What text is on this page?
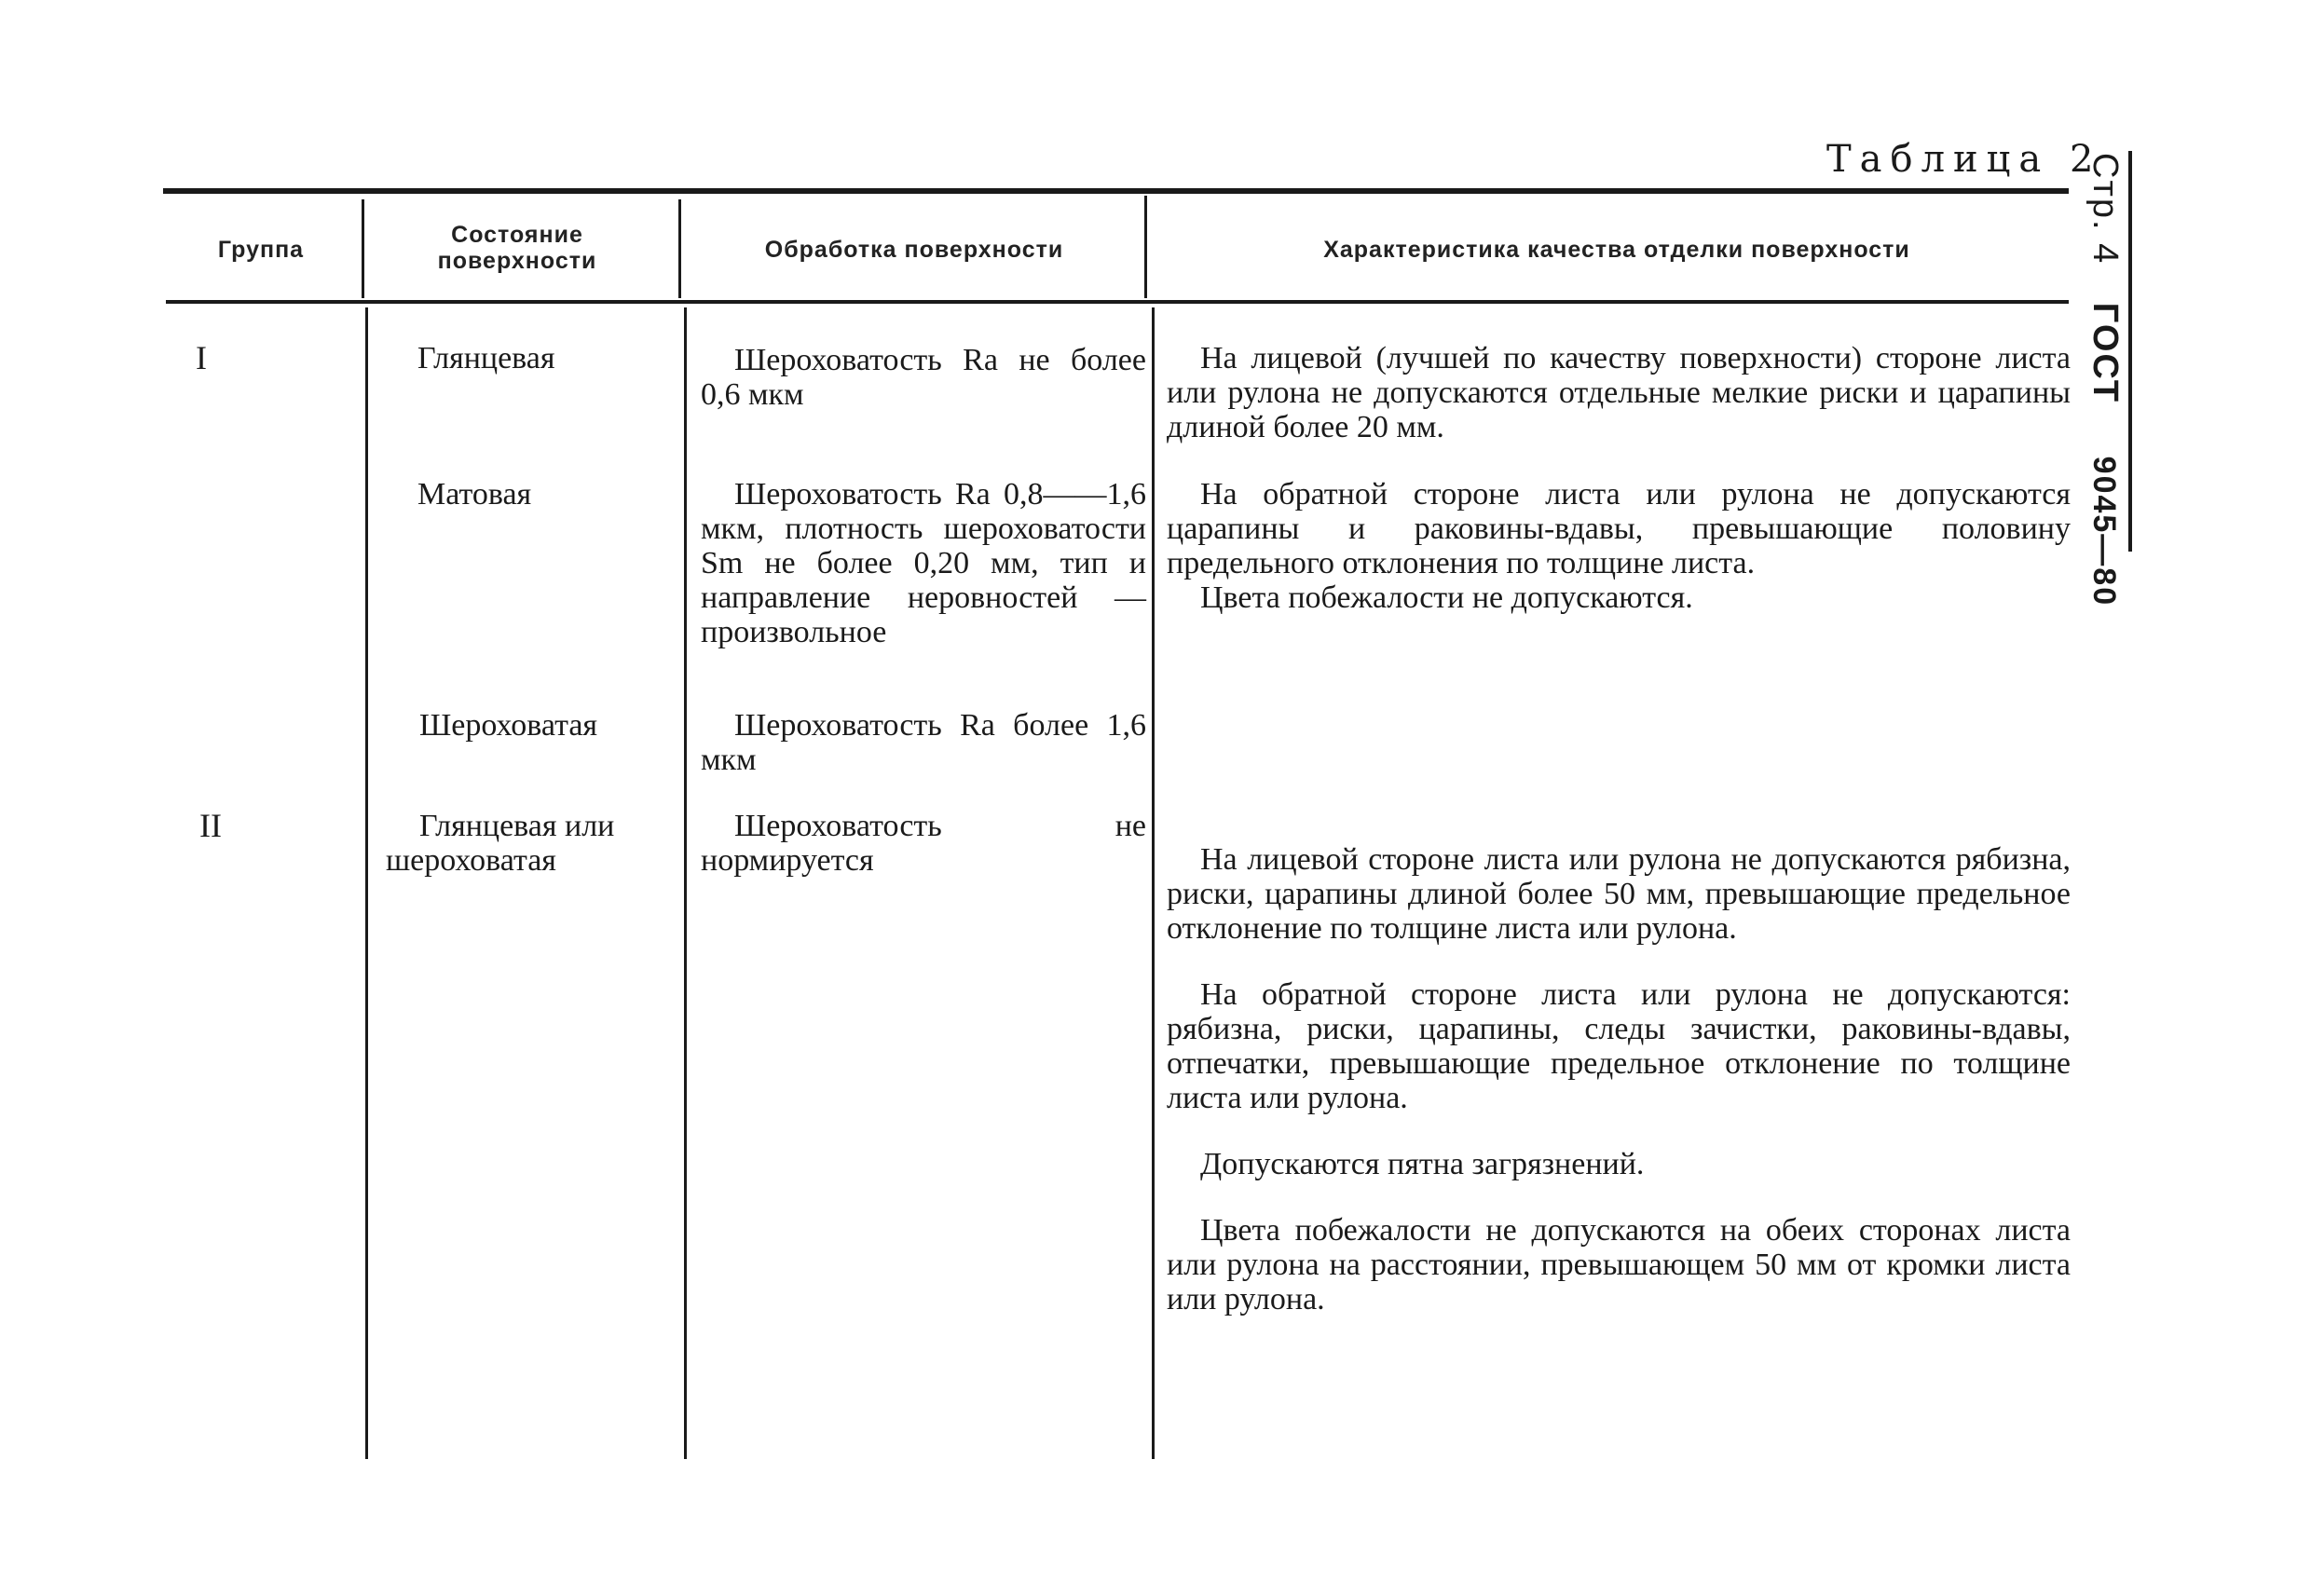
Таблица 2
Стр. 4 ГОСТ 9045—80
Группа
Состояние поверхности	Обработка поверхности	Характеристика качества отделки поверхности
I
II
Глянцевая
Матовая
Шероховатая
Глянцевая или шероховатая
Шероховатость Ra не более 0,6 мкм
Шероховатость Ra 0,8——1,6 мкм, плотность шероховатости Sm не более 0,20 мм, тип и направление неровностей — произвольное
Шероховатость Ra более 1,6 мкм
Шероховатость не нормируется

На лицевой (лучшей по качеству поверхности) стороне листа или рулона не допускаются отдельные мелкие риски и царапины длиной более 20 мм.

На обратной стороне листа или рулона не допускаются царапины и раковины-вдавы, превышающие половину предельного отклонения по толщине листа.

Цвета побежалости не допускаются.

На лицевой стороне листа или рулона не допускаются рябизна, риски, царапины длиной более 50 мм, превышающие предельное отклонение по толщине листа или рулона.

На обратной стороне листа или рулона не допускаются: рябизна, риски, царапины, следы зачистки, раковины-вдавы, отпечатки, превышающие предельное отклонение по толщине листа или рулона.

Допускаются пятна загрязнений.

Цвета побежалости не допускаются на обеих сторонах листа или рулона на расстоянии, превышающем 50 мм от кромки листа или рулона.
